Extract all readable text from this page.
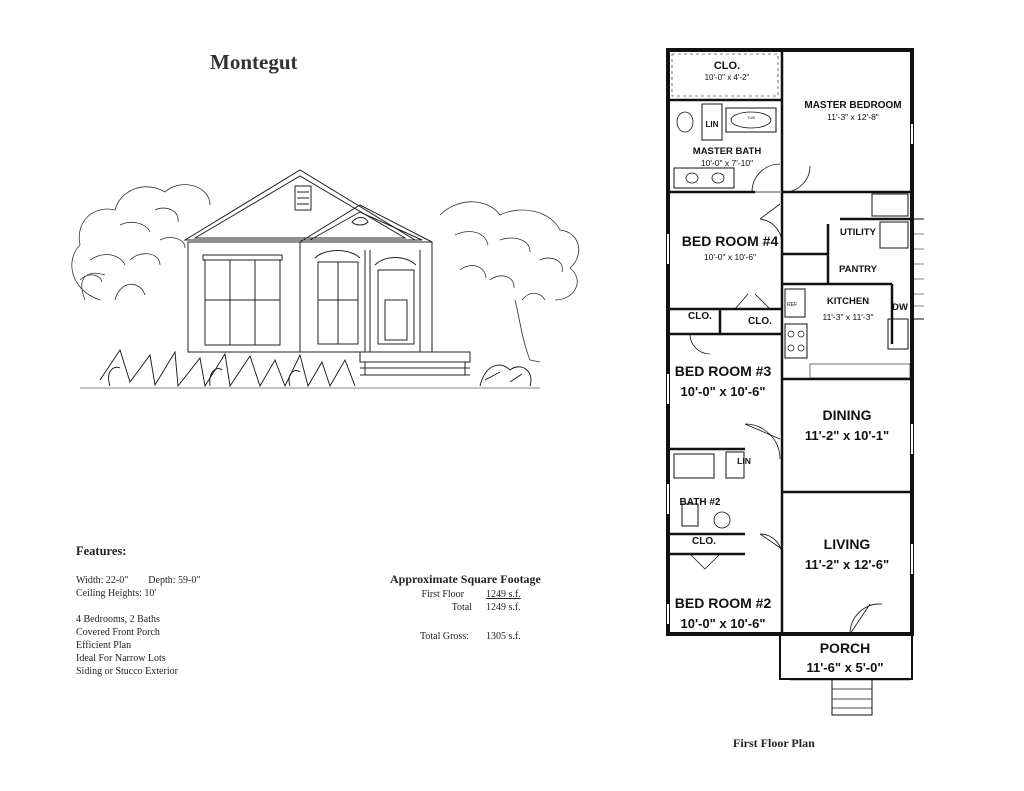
Montegut
Features:
Width: 22-0" Depth: 59-0"
Ceiling Heights: 10'
4 Bedrooms, 2 Baths
Covered Front Porch
Efficient Plan
Ideal For Narrow Lots
Siding or Stucco Exterior
Approximate Square Footage
First Floor 1249 s.f.
Total 1249 s.f.
Total Gross: 1305 s.f.
CLO.
10'-0" x 4'-2"
MASTER BEDROOM
11'-3" x 12'-8"
LIN
TUB
MASTER BATH
10'-0" x 7'-10"
BED ROOM #4
10'-0" x 10'-6"
UTILITY
PANTRY
KITCHEN
11'-3" x 11'-3"
DW
REF
CLO.	CLO.
BED ROOM #3
10'-0" x 10'-6"
DINING
11'-2" x 10'-1"
LIN
BATH #2
CLO.	LIVING
11'-2" x 12'-6"
BED ROOM #2
10'-0" x 10'-6"
PORCH
11'-6" x 5'-0"
First Floor Plan
